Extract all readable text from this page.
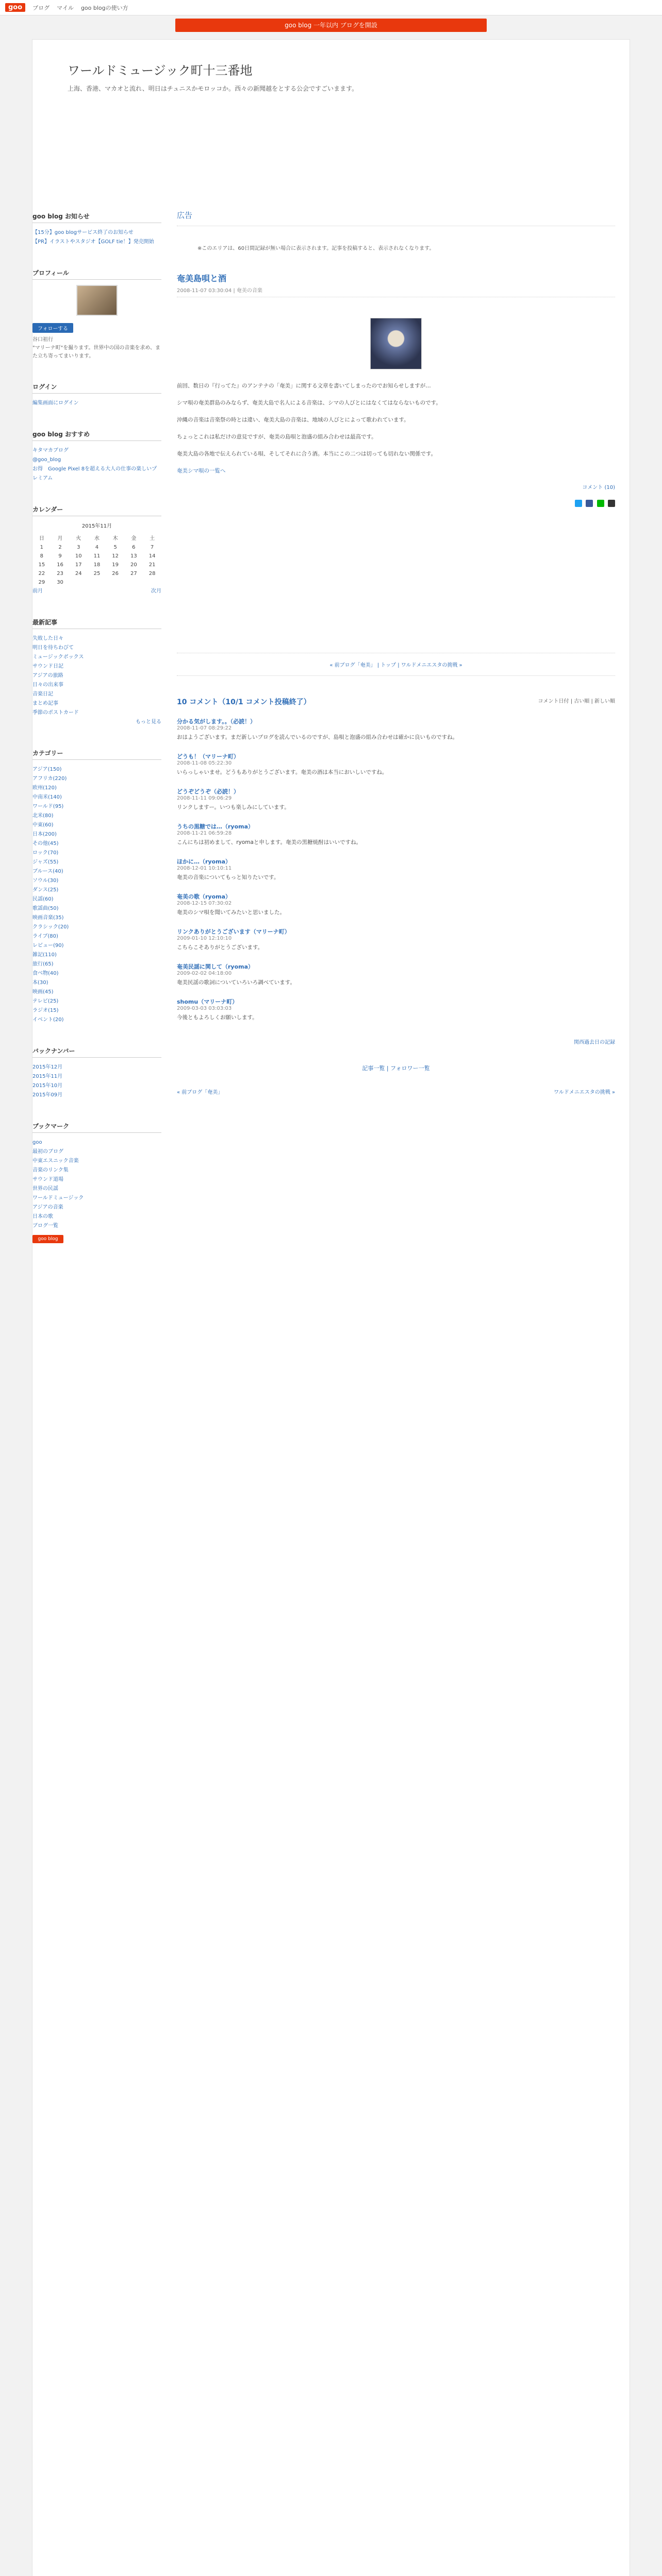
goo	ブログ マイル goo blogの使い方
goo blog 一年以内 ブログを開設
ワールドミュージック町十三番地
上海、香港、マカオと流れ、明日はチュニスかモロッコか。西々の新聞越をとする公会ですごいまます。
goo blog お知らせ
【15分】goo blogサービス終了のお知らせ
【PR】イラストやスタジオ【GOLF tie！】発売開始
プロフィール
フォローする
谷口祖行
"マリーナ町"を撮ります。世界中の国の音楽を求め、また立ち寄ってまいります。
ログイン
編集画面にログイン
goo blog おすすめ
キタマカブログ
@goo_blog
お得　Google Pixel 8を超える大人の仕事の楽しいプレミアム
カレンダー
2015年11月
日	月	火	水	木	金	土
1	2	3	4	5	6	7
8	9	10	11	12	13	14
15	16	17	18	19	20	21
22	23	24	25	26	27	28
29	30					
前月	次月
最新記事
失敗した日々
明日を待ちわびて
ミュージックボックス
サウンド日記
アジアの旅路
日々の出来事
音楽日記
まとめ記事
季節のポストカード
もっと見る
カテゴリー
アジア(150)
アフリカ(220)
欧州(120)
中南米(140)
ワールド(95)
北米(80)
中東(60)
日本(200)
その他(45)
ロック(70)
ジャズ(55)
ブルース(40)
ソウル(30)
ダンス(25)
民謡(60)
歌謡曲(50)
映画音楽(35)
クラシック(20)
ライブ(80)
レビュー(90)
雑記(110)
旅行(65)
食べ物(40)
本(30)
映画(45)
テレビ(25)
ラジオ(15)
イベント(20)
バックナンバー
2015年12月
2015年11月
2015年10月
2015年09月
ブックマーク
goo
最初のブログ
中東エスニック音楽
音楽のリンク集
サウンド道場
世界の民謡
ワールドミュージック
アジアの音楽
日本の歌
ブログ一覧
goo blog
広告
※このエリアは、60日間記録が無い場合に表示されます。記事を投稿すると、表示されなくなります。
奄美島唄と酒
2008-11-07 03:30:04 | 奄美の音楽

前回、数日の『行ってた』のアンテナの「奄美」に関する文章を書いてしまったのでお知らせしますが…

シマ唄の奄美群島のみならず、奄美大島で名人による音楽は、シマの人びとにはなくてはならないものです。

沖縄の音楽は音楽祭の時とは違い、奄美大島の音楽は、地域の人びとによって歌われています。

ちょっとこれは私だけの意見ですが、奄美の島唄と泡盛の組み合わせは最高です。

奄美大島の各地で伝えられている唄、そしてそれに合う酒。本当にこの二つは切っても切れない関係です。

奄美シマ唄の一覧へ
コメント (10)

« 前ブログ「奄美」 | トップ | ワルドメニエスタの挑戦 »
10 コメント（10/1 コメント投稿終了）	コメント日付 | 古い順 | 新しい順
分かる気がします。。（必読！）
2008-11-07 08:29:22

おはようございます。まだ新しいブログを読んでいるのですが、島唄と泡盛の組み合わせは確かに良いものですね。

どうも！（マリーナ町）
2008-11-08 05:22:30

いらっしゃいませ。どうもありがとうございます。奄美の酒は本当においしいですね。

どうぞどうぞ（必読！）
2008-11-11 09:06:29

リンクしますー。いつも楽しみにしています。

うちの黒糖では…（ryoma）
2008-11-21 06:59:28

こんにちは初めまして、ryomaと申します。奄美の黒糖焼酎はいいですね。

ほかに…（ryoma）
2008-12-01 10:10:11

奄美の音楽についてもっと知りたいです。

奄美の歌（ryoma）
2008-12-15 07:30:02

奄美のシマ唄を聞いてみたいと思いました。

リンクありがとうございます（マリーナ町）
2009-01-10 12:10:10

こちらこそありがとうございます。

奄美民謡に関して（ryoma）
2009-02-02 04:18:00

奄美民謡の歌詞についていろいろ調べています。

shomu（マリーナ町）
2009-03-03 03:03:03

今後ともよろしくお願いします。

関西過去日の記録
記事一覧 | フォロワー一覧
« 前ブログ「奄美」	ワルドメニエスタの挑戦 »
